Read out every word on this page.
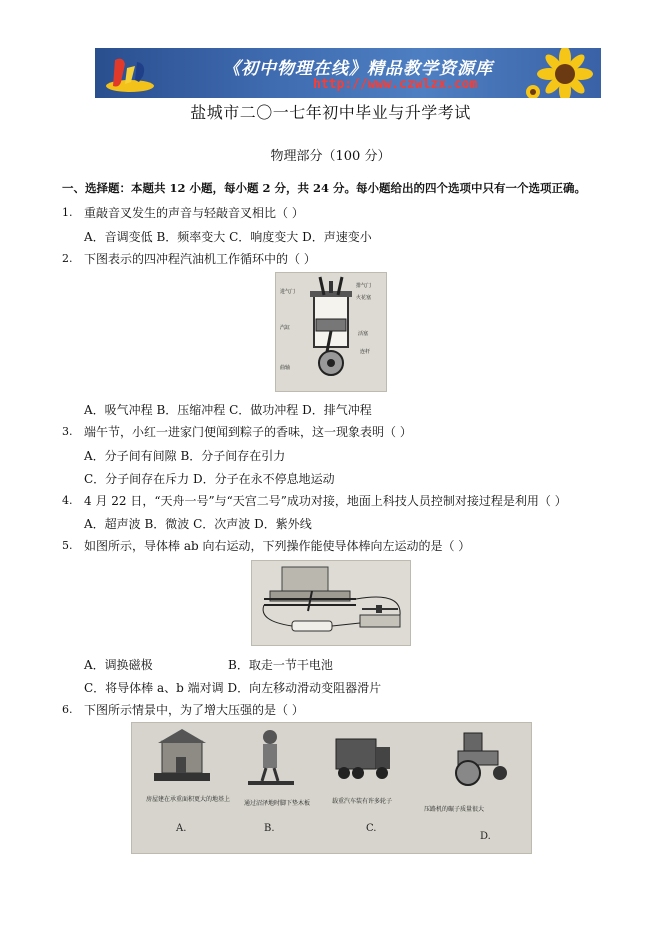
《初中物理在线》精品教学资源库
http://www.czwlzx.com
盐城市二〇一七年初中毕业与升学考试
物理部分（100 分）
一、选择题：本题共 12 小题，每小题 2 分，共 24 分。每小题给出的四个选项中只有一个选项正确。
1. 重敲音叉发生的声音与轻敲音叉相比（ ）
A．音调变低 B．频率变大 C．响度变大 D．声速变小
2. 下图表示的四冲程汽油机工作循环中的（ ）
进气门
排气门
火花塞
汽缸
活塞
连杆
曲轴
A．吸气冲程 B．压缩冲程 C．做功冲程 D．排气冲程
3. 端午节，小红一进家门便闻到粽子的香味，这一现象表明（ ）
A．分子间有间隙 B．分子间存在引力
C．分子间存在斥力 D．分子在永不停息地运动
4. 4 月 22 日，“天舟一号”与“天宫二号”成功对接，地面上科技人员控制对接过程是利用（ ）
A．超声波 B．微波 C．次声波 D．紫外线
5. 如图所示，导体棒 ab 向右运动，下列操作能使导体棒向左运动的是（ ）
A．调换磁极	B．取走一节干电池
C．将导体棒 a、b 端对调 D．向左移动滑动变阻器滑片
6. 下图所示情景中，为了增大压强的是（ ）
房屋建在承重面积更大的地基上
通过沼泽地时脚下垫木板	载重汽车装有许多轮子
压路机的碾子质量很大
A.	B.	C.
D.
